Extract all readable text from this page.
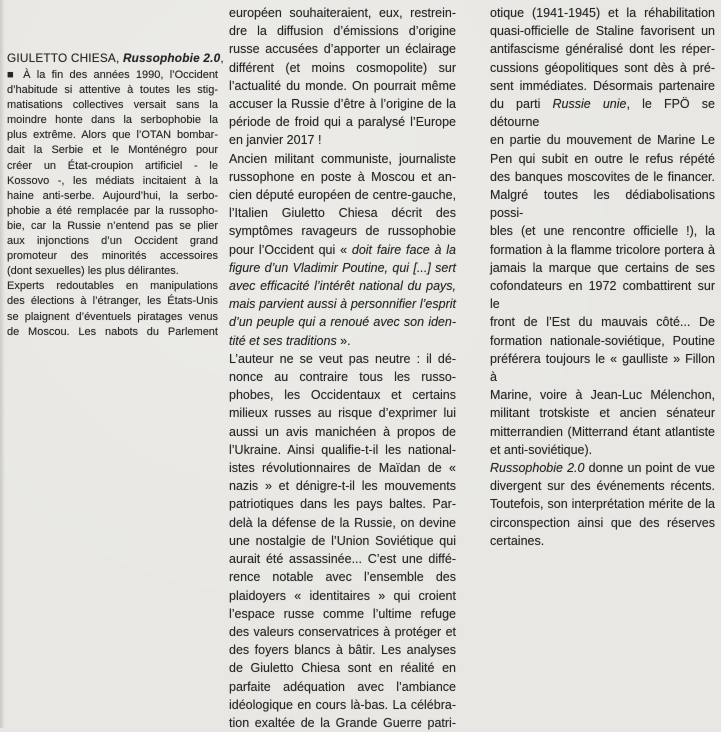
GIULETTO CHIESA, Russophobie 2.0,
■ À la fin des années 1990, l’Occident
d’habitude si attentive à toutes les stig-
matisations collectives versait sans la
moindre honte dans la serbophobie la
plus extrême. Alors que l’OTAN bombar-
dait la Serbie et le Monténégro pour
créer un État-croupion artificiel - le
Kossovo -, les médiats incitaient à la
haine anti-serbe. Aujourd’hui, la serbo-
phobie a été remplacée par la russopho-
bie, car la Russie n’entend pas se plier
aux injonctions d’un Occident grand
promoteur des minorités accessoires
(dont sexuelles) les plus délirantes.
Experts redoutables en manipulations
des élections à l’étranger, les États-Unis
se plaignent d’éventuels piratages venus
de Moscou. Les nabots du Parlement
européen souhaiteraient, eux, restrein-
dre la diffusion d’émissions d’origine
russe accusées d’apporter un éclairage
différent (et moins cosmopolite) sur
l’actualité du monde. On pourrait même
accuser la Russie d’être à l’origine de la
période de froid qui a paralysé l’Europe
en janvier 2017 !
Ancien militant communiste, journaliste
russophone en poste à Moscou et an-
cien député européen de centre-gauche,
l’Italien Giuletto Chiesa décrit des
symptômes ravageurs de russophobie
pour l’Occident qui « doit faire face à la
figure d’un Vladimir Poutine, qui [...] sert
avec efficacité l’intérêt national du pays,
mais parvient aussi à personnifier l’esprit
d’un peuple qui a renoué avec son iden-
tité et ses traditions ».
L’auteur ne se veut pas neutre : il dé-
nonce au contraire tous les russo-
phobes, les Occidentaux et certains
milieux russes au risque d’exprimer lui
aussi un avis manichéen à propos de
l’Ukraine. Ainsi qualifie-t-il les national-
istes révolutionnaires de Maïdan de «
nazis » et dénigre-t-il les mouvements
patriotiques dans les pays baltes. Par-
delà la défense de la Russie, on devine
une nostalgie de l’Union Soviétique qui
aurait été assassinée... C’est une diffé-
rence notable avec l’ensemble des
plaidoyers « identitaires » qui croient
l’espace russe comme l’ultime refuge
des valeurs conservatrices à protéger et
des foyers blancs à bâtir. Les analyses
de Giuletto Chiesa sont en réalité en
parfaite adéquation avec l’ambiance
idéologique en cours là-bas. La célébra-
tion exaltée de la Grande Guerre patri-
otique (1941-1945) et la réhabilitation
quasi-officielle de Staline favorisent un
antifascisme généralisé dont les réper-
cussions géopolitiques sont dès à pré-
sent immédiates. Désormais partenaire
du parti Russie unie, le FPÖ se détourne
en partie du mouvement de Marine Le
Pen qui subit en outre le refus répété
des banques moscovites de le financer.
Malgré toutes les dédiabolisations possi-
bles (et une rencontre officielle !), la
formation à la flamme tricolore portera à
jamais la marque que certains de ses
cofondateurs en 1972 combattirent sur le
front de l’Est du mauvais côté... De
formation nationale-soviétique, Poutine
préférera toujours le « gaulliste » Fillon à
Marine, voire à Jean-Luc Mélenchon,
militant trotskiste et ancien sénateur
mitterrandien (Mitterrand étant atlantiste
et anti-soviétique).
Russophobie 2.0 donne un point de vue
divergent sur des événements récents.
Toutefois, son interprétation mérite de la
circonspection ainsi que des réserves
certaines.
